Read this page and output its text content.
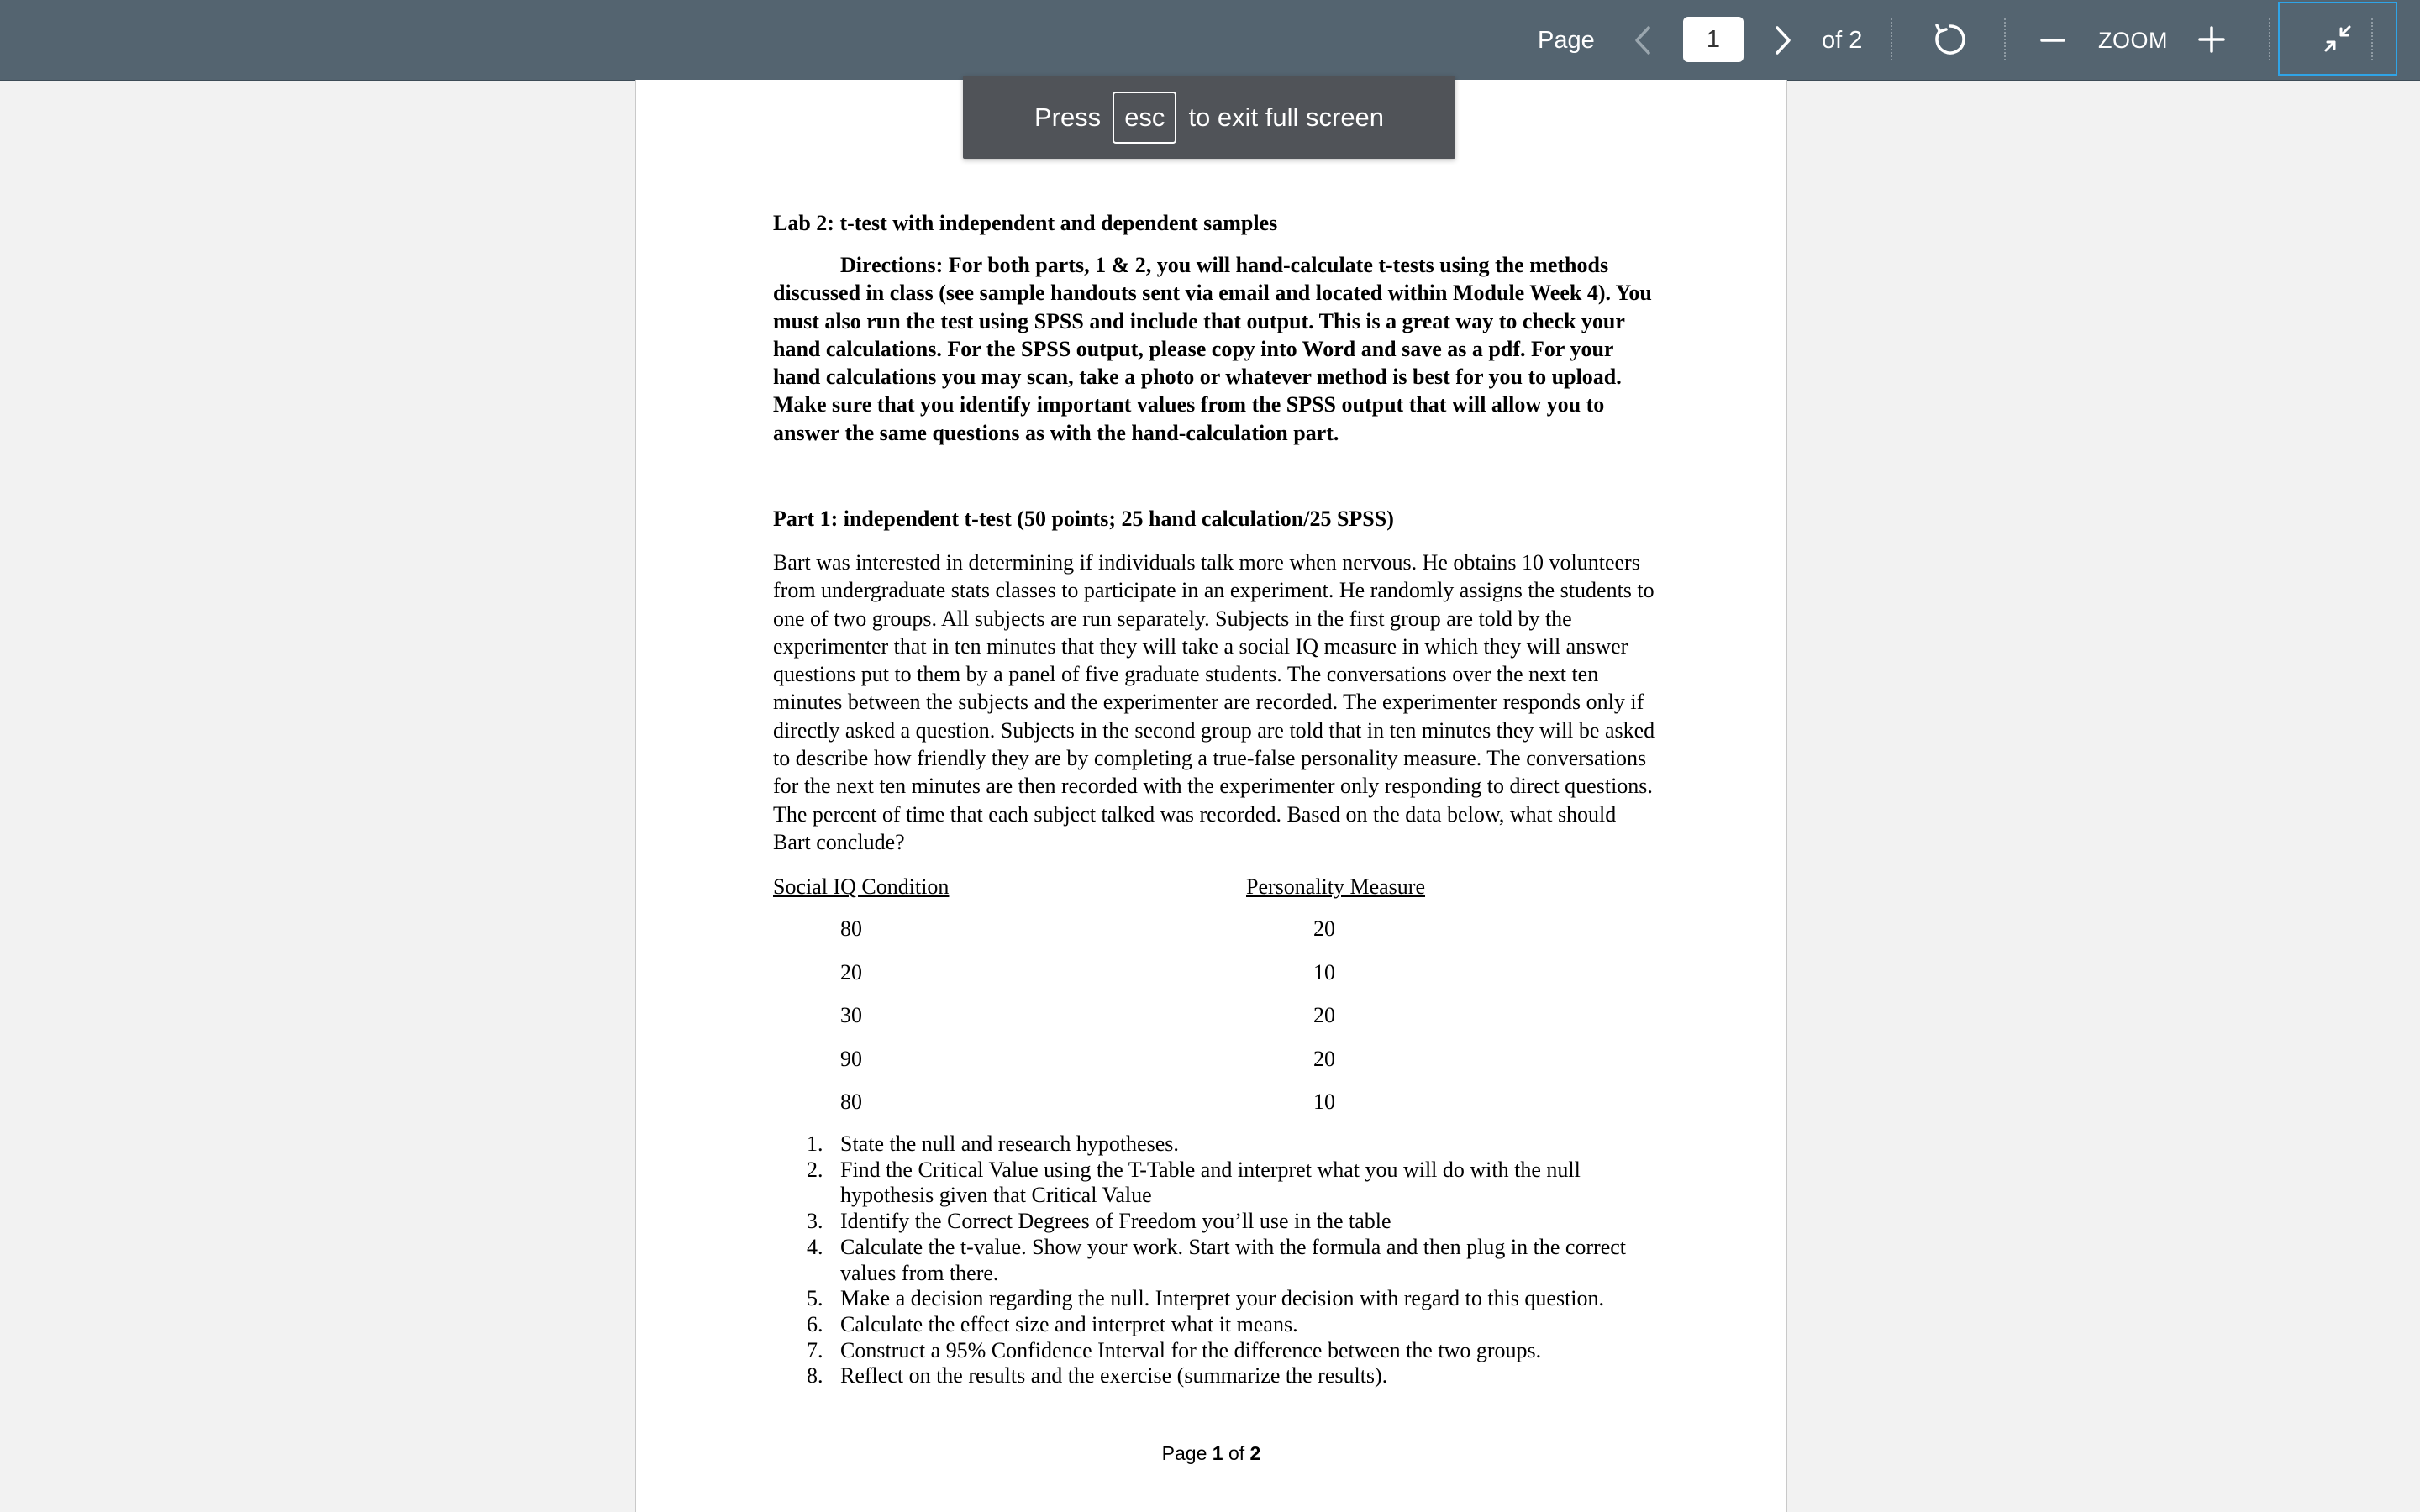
Page
1	of 2	ZOOM
Lab 2: t-test with independent and dependent samples

Directions: For both parts, 1 & 2, you will hand-calculate t-tests using the methods discussed in class (see sample handouts sent via email and located within Module Week 4). You must also run the test using SPSS and include that output. This is a great way to check your hand calculations. For the SPSS output, please copy into Word and save as a pdf. For your hand calculations you may scan, take a photo or whatever method is best for you to upload. Make sure that you identify important values from the SPSS output that will allow you to answer the same questions as with the hand-calculation part.

Part 1: independent t-test (50 points; 25 hand calculation/25 SPSS)

Bart was interested in determining if individuals talk more when nervous. He obtains 10 volunteers from undergraduate stats classes to participate in an experiment. He randomly assigns the students to one of two groups. All subjects are run separately. Subjects in the first group are told by the experimenter that in ten minutes that they will take a social IQ measure in which they will answer questions put to them by a panel of five graduate students. The conversations over the next ten minutes between the subjects and the experimenter are recorded. The experimenter responds only if directly asked a question. Subjects in the second group are told that in ten minutes they will be asked to describe how friendly they are by completing a true-false personality measure. The conversations for the next ten minutes are then recorded with the experimenter only responding to direct questions. The percent of time that each subject talked was recorded. Based on the data below, what should Bart conclude?

Social IQ Condition	Personality Measure
80	20
20	10
30	20
90	20
80	10
1. State the null and research hypotheses.
2. Find the Critical Value using the T-Table and interpret what you will do with the null hypothesis given that Critical Value
3. Identify the Correct Degrees of Freedom you’ll use in the table
4. Calculate the t-value. Show your work. Start with the formula and then plug in the correct values from there.
5. Make a decision regarding the null. Interpret your decision with regard to this question.
6. Calculate the effect size and interpret what it means.
7. Construct a 95% Confidence Interval for the difference between the two groups.
8. Reflect on the results and the exercise (summarize the results).
Page 1 of 2
Press esc to exit full screen
